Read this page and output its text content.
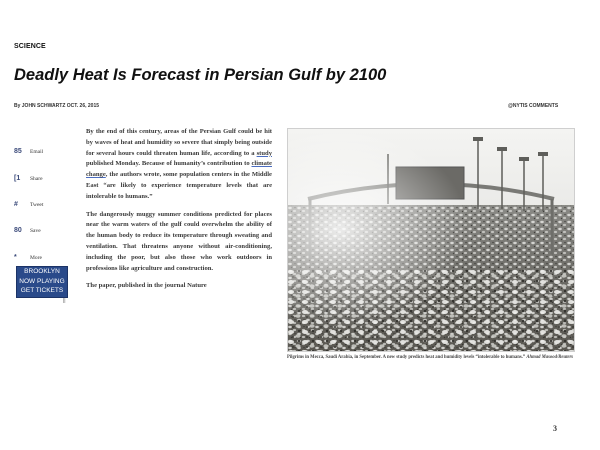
SCIENCE
Deadly Heat Is Forecast in Persian Gulf by 2100
By JOHN SCHWARTZ OCT. 26, 2015	@NYTIS COMMENTS
85 Email
[1	Share
#	Tweet
80 Save
*	More
BROOKLYN
NOW PLAYING
GET TICKETS
||

By the end of this century, areas of the Persian Gulf could be hit by waves of heat and humidity so severe that simply being outside for several hours could threaten human life, according to a study published Monday. Because of humanity’s contribution to climate change, the authors wrote, some population centers in the Middle East “are likely to experience temperature levels that are intolerable to humans.”

The dangerously muggy summer conditions predicted for places near the warm waters of the gulf could overwhelm the ability of the human body to reduce its temperature through sweating and ventilation. That threatens anyone without air-conditioning, including the poor, but also those who work outdoors in professions like agriculture and construction.

The paper, published in the journal Nature

Pilgrims in Mecca, Saudi Arabia, in September. A new study predicts heat and humidity levels “intolerable to humans.” Ahmad Masood/Reuters
3
